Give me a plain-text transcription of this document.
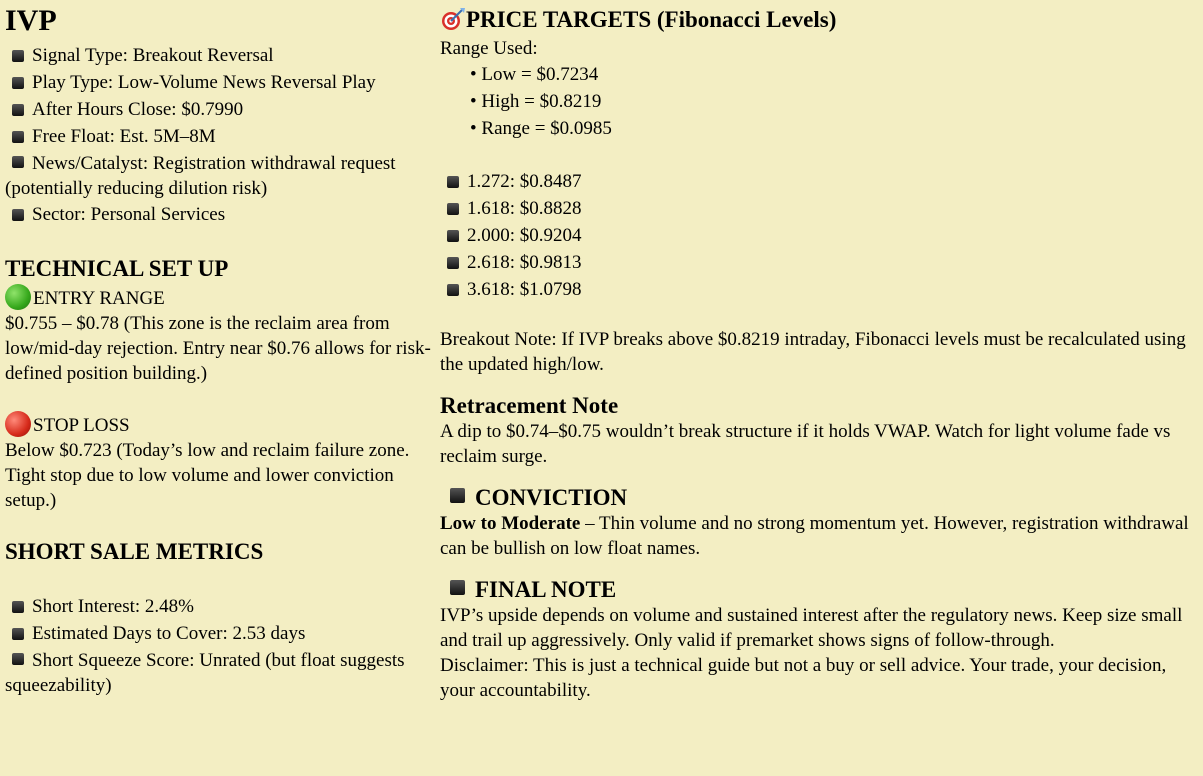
IVP
Signal Type: Breakout Reversal
Play Type: Low-Volume News Reversal Play
After Hours Close: $0.7990
Free Float: Est. 5M–8M
News/Catalyst: Registration withdrawal request (potentially reducing dilution risk)
Sector: Personal Services
TECHNICAL SET UP
ENTRY RANGE
$0.755 – $0.78 (This zone is the reclaim area from low/mid-day rejection. Entry near $0.76 allows for risk-defined position building.)
STOP LOSS
Below $0.723 (Today’s low and reclaim failure zone. Tight stop due to low volume and lower conviction setup.)
SHORT SALE METRICS
Short Interest: 2.48%
Estimated Days to Cover: 2.53 days
Short Squeeze Score: Unrated (but float suggests squeezability)
PRICE TARGETS (Fibonacci Levels)
Range Used:
• Low = $0.7234
• High = $0.8219
• Range = $0.0985
1.272: $0.8487
1.618: $0.8828
2.000: $0.9204
2.618: $0.9813
3.618: $1.0798
Breakout Note: If IVP breaks above $0.8219 intraday, Fibonacci levels must be recalculated using the updated high/low.
Retracement Note
A dip to $0.74–$0.75 wouldn’t break structure if it holds VWAP. Watch for light volume fade vs reclaim surge.
CONVICTION
Low to Moderate – Thin volume and no strong momentum yet. However, registration withdrawal can be bullish on low float names.
FINAL NOTE
IVP’s upside depends on volume and sustained interest after the regulatory news. Keep size small and trail up aggressively. Only valid if premarket shows signs of follow-through.
Disclaimer: This is just a technical guide but not a buy or sell advice. Your trade, your decision, your accountability.
